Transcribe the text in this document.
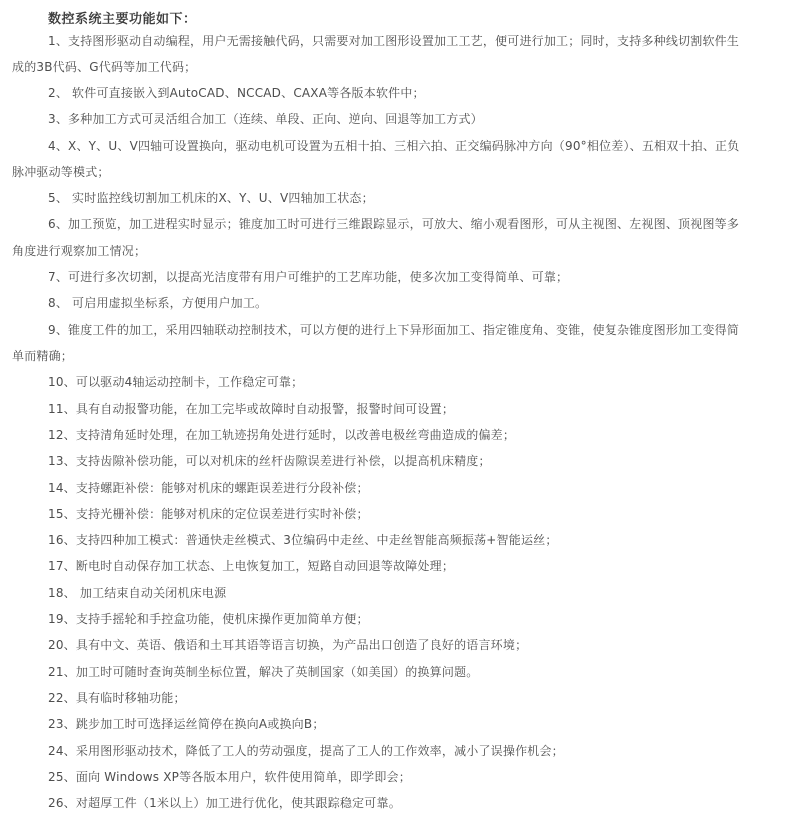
数控系统主要功能如下：
1、支持图形驱动自动编程，用户无需接触代码，只需要对加工图形设置加工工艺，便可进行加工；同时，支持多种线切割软件生
成的3B代码、G代码等加工代码；
2、 软件可直接嵌入到AutoCAD、NCCAD、CAXA等各版本软件中；
3、多种加工方式可灵活组合加工（连续、单段、正向、逆向、回退等加工方式）
4、X、Y、U、V四轴可设置换向，驱动电机可设置为五相十拍、三相六拍、正交编码脉冲方向（90°相位差）、五相双十拍、正负
脉冲驱动等模式；
5、 实时监控线切割加工机床的X、Y、U、V四轴加工状态；
6、加工预览，加工进程实时显示；锥度加工时可进行三维跟踪显示，可放大、缩小观看图形，可从主视图、左视图、顶视图等多
角度进行观察加工情况；
7、可进行多次切割，以提高光洁度带有用户可维护的工艺库功能，使多次加工变得简单、可靠；
8、 可启用虚拟坐标系，方便用户加工。
9、锥度工件的加工，采用四轴联动控制技术，可以方便的进行上下异形面加工、指定锥度角、变锥，使复杂锥度图形加工变得简
单而精确；
10、可以驱动4轴运动控制卡，工作稳定可靠；
11、具有自动报警功能，在加工完毕或故障时自动报警，报警时间可设置；
12、支持清角延时处理，在加工轨迹拐角处进行延时，以改善电极丝弯曲造成的偏差；
13、支持齿隙补偿功能，可以对机床的丝杆齿隙误差进行补偿，以提高机床精度；
14、支持螺距补偿：能够对机床的螺距误差进行分段补偿；
15、支持光栅补偿：能够对机床的定位误差进行实时补偿；
16、支持四种加工模式：普通快走丝模式、3位编码中走丝、中走丝智能高频振荡+智能运丝；
17、断电时自动保存加工状态、上电恢复加工，短路自动回退等故障处理；
18、 加工结束自动关闭机床电源
19、支持手摇轮和手控盒功能，使机床操作更加简单方便；
20、具有中文、英语、俄语和土耳其语等语言切换，为产品出口创造了良好的语言环境；
21、加工时可随时查询英制坐标位置，解决了英制国家（如美国）的换算问题。
22、具有临时移轴功能；
23、跳步加工时可选择运丝简停在换向A或换向B；
24、采用图形驱动技术，降低了工人的劳动强度，提高了工人的工作效率，减小了误操作机会；
25、面向 Windows XP等各版本用户，软件使用简单，即学即会；
26、对超厚工件（1米以上）加工进行优化，使其跟踪稳定可靠。
